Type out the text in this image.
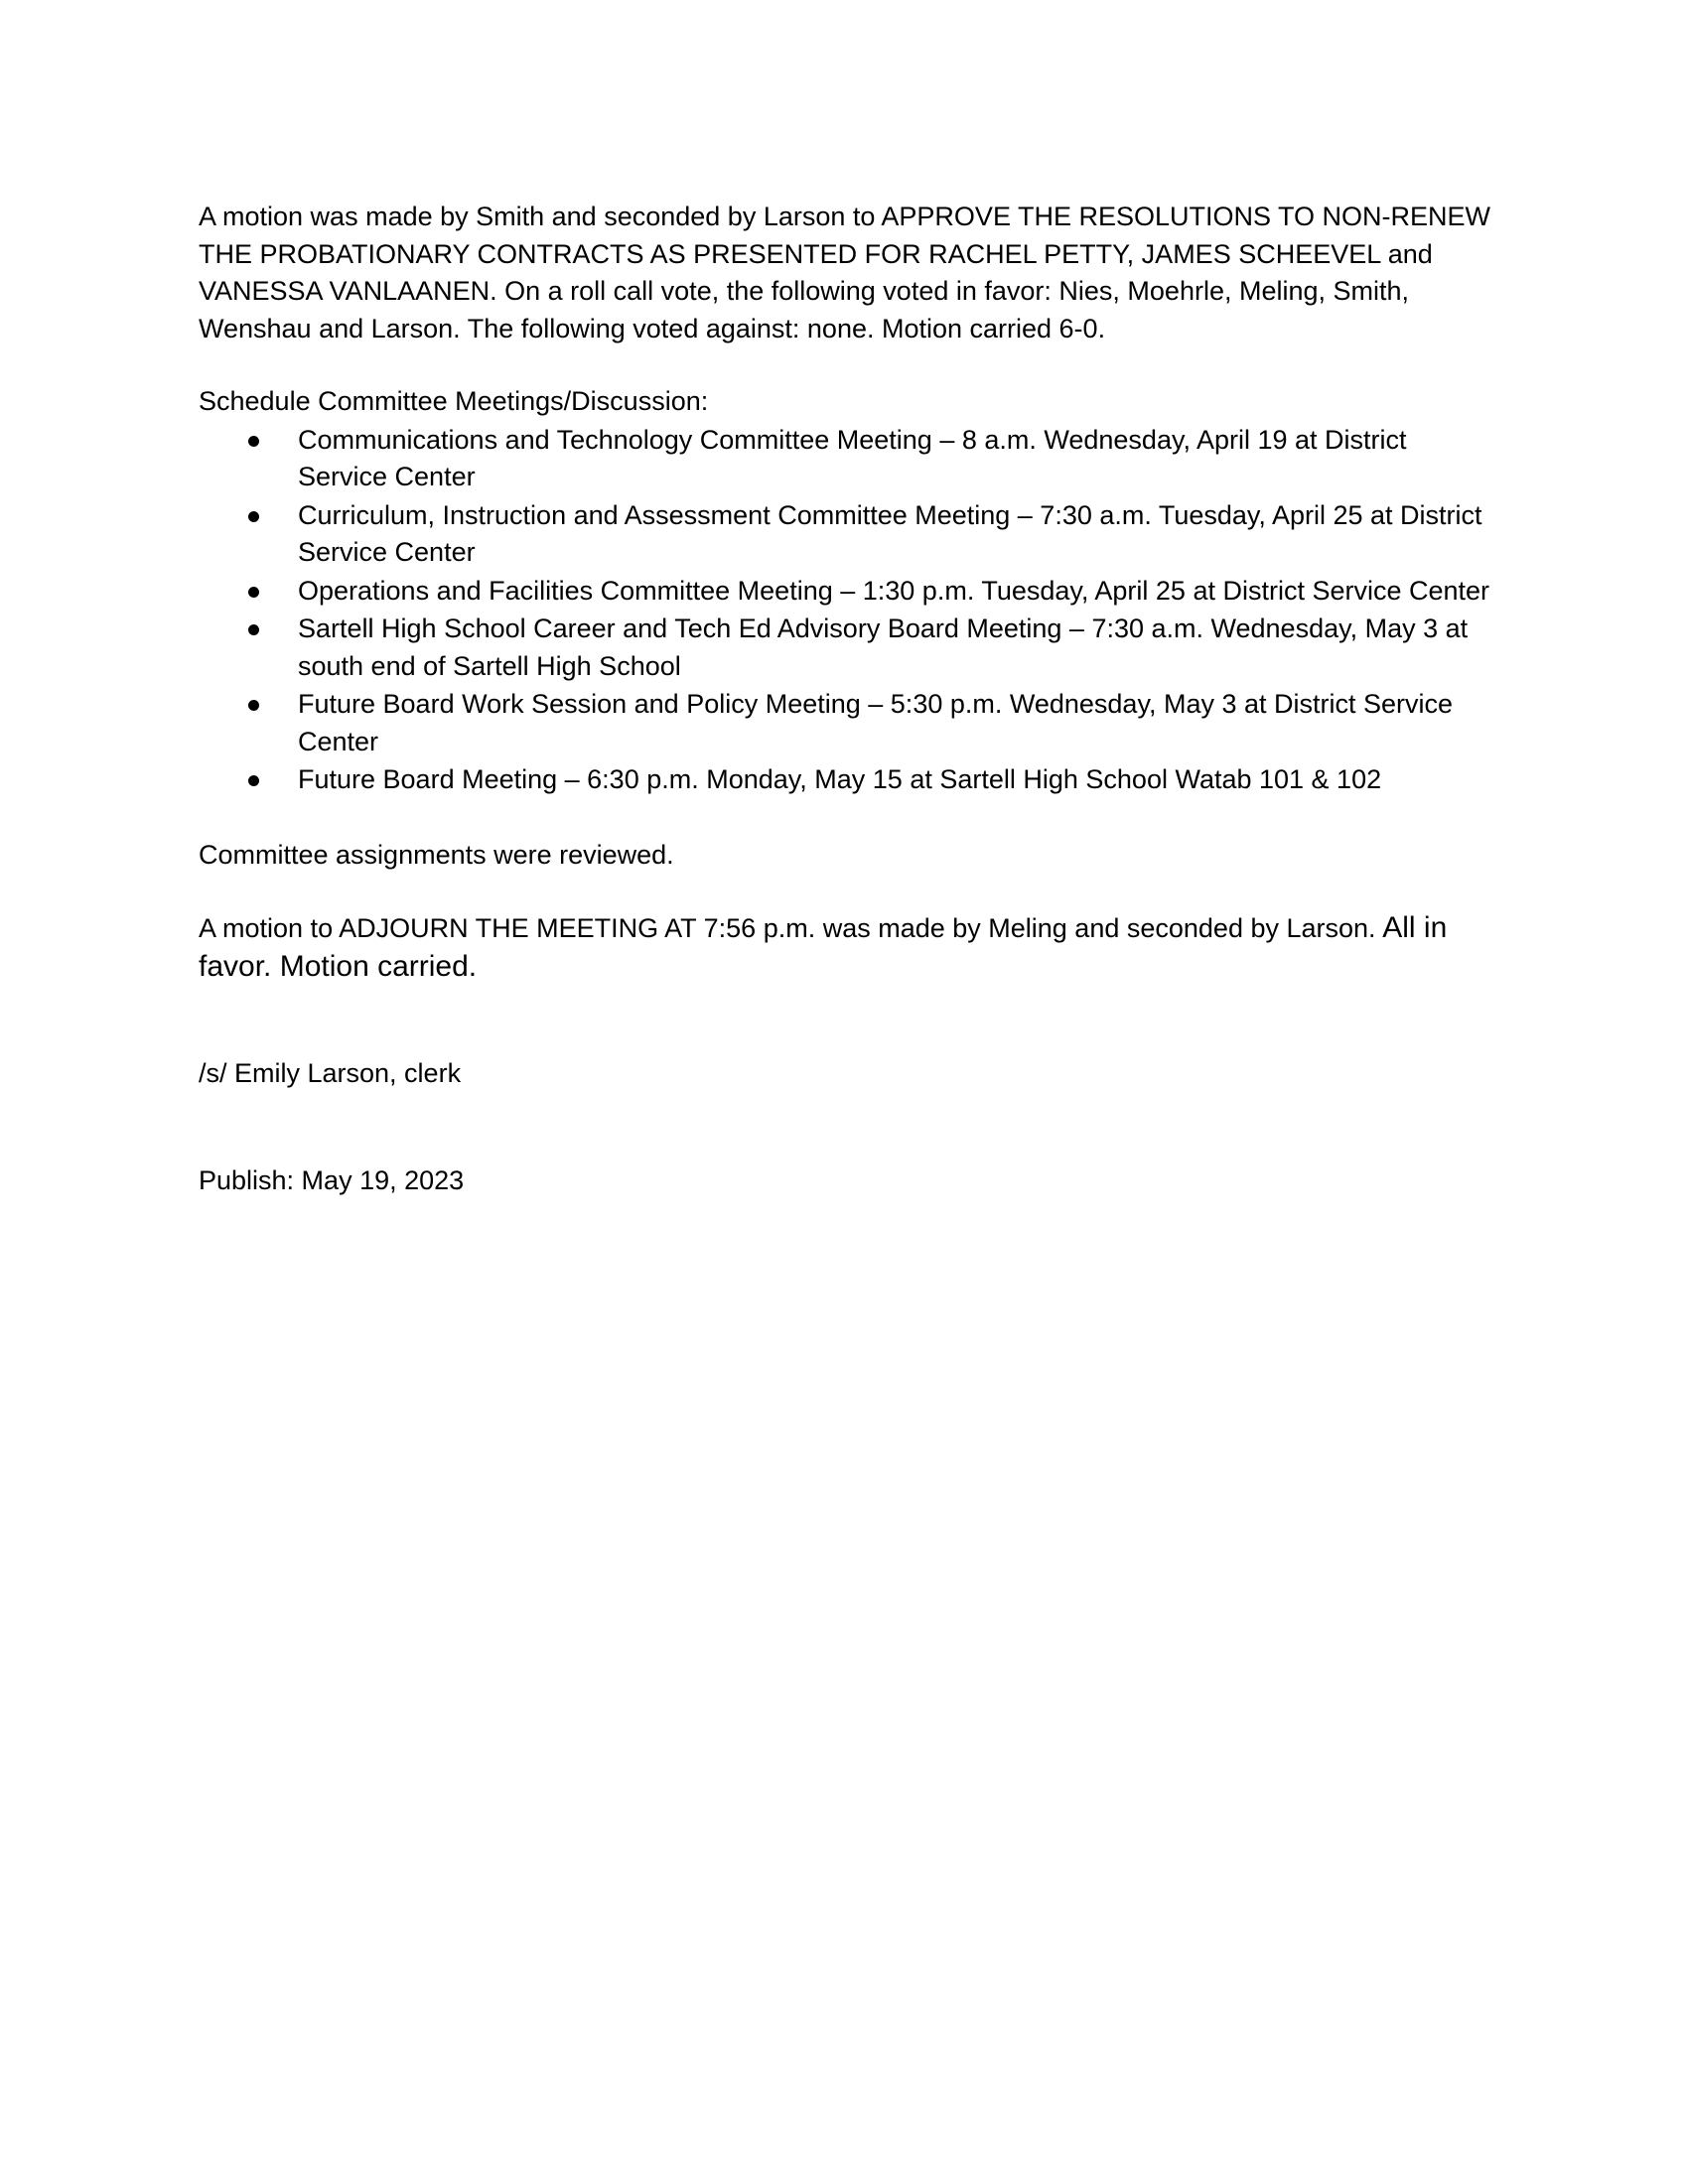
A motion was made by Smith and seconded by Larson to APPROVE THE RESOLUTIONS TO NON-RENEW THE PROBATIONARY CONTRACTS AS PRESENTED FOR RACHEL PETTY, JAMES SCHEEVEL and VANESSA VANLAANEN. On a roll call vote, the following voted in favor: Nies, Moehrle, Meling, Smith, Wenshau and Larson. The following voted against: none. Motion carried 6-0.

Schedule Committee Meetings/Discussion:

Communications and Technology Committee Meeting – 8 a.m. Wednesday, April 19 at District Service Center
Curriculum, Instruction and Assessment Committee Meeting – 7:30 a.m. Tuesday, April 25 at District Service Center
Operations and Facilities Committee Meeting – 1:30 p.m. Tuesday, April 25 at District Service Center
Sartell High School Career and Tech Ed Advisory Board Meeting – 7:30 a.m. Wednesday, May 3 at south end of Sartell High School
Future Board Work Session and Policy Meeting – 5:30 p.m. Wednesday, May 3 at District Service Center
Future Board Meeting – 6:30 p.m. Monday, May 15 at Sartell High School Watab 101 & 102

Committee assignments were reviewed.

A motion to ADJOURN THE MEETING AT 7:56 p.m. was made by Meling and seconded by Larson. All in favor. Motion carried.

/s/ Emily Larson, clerk

Publish: May 19, 2023
